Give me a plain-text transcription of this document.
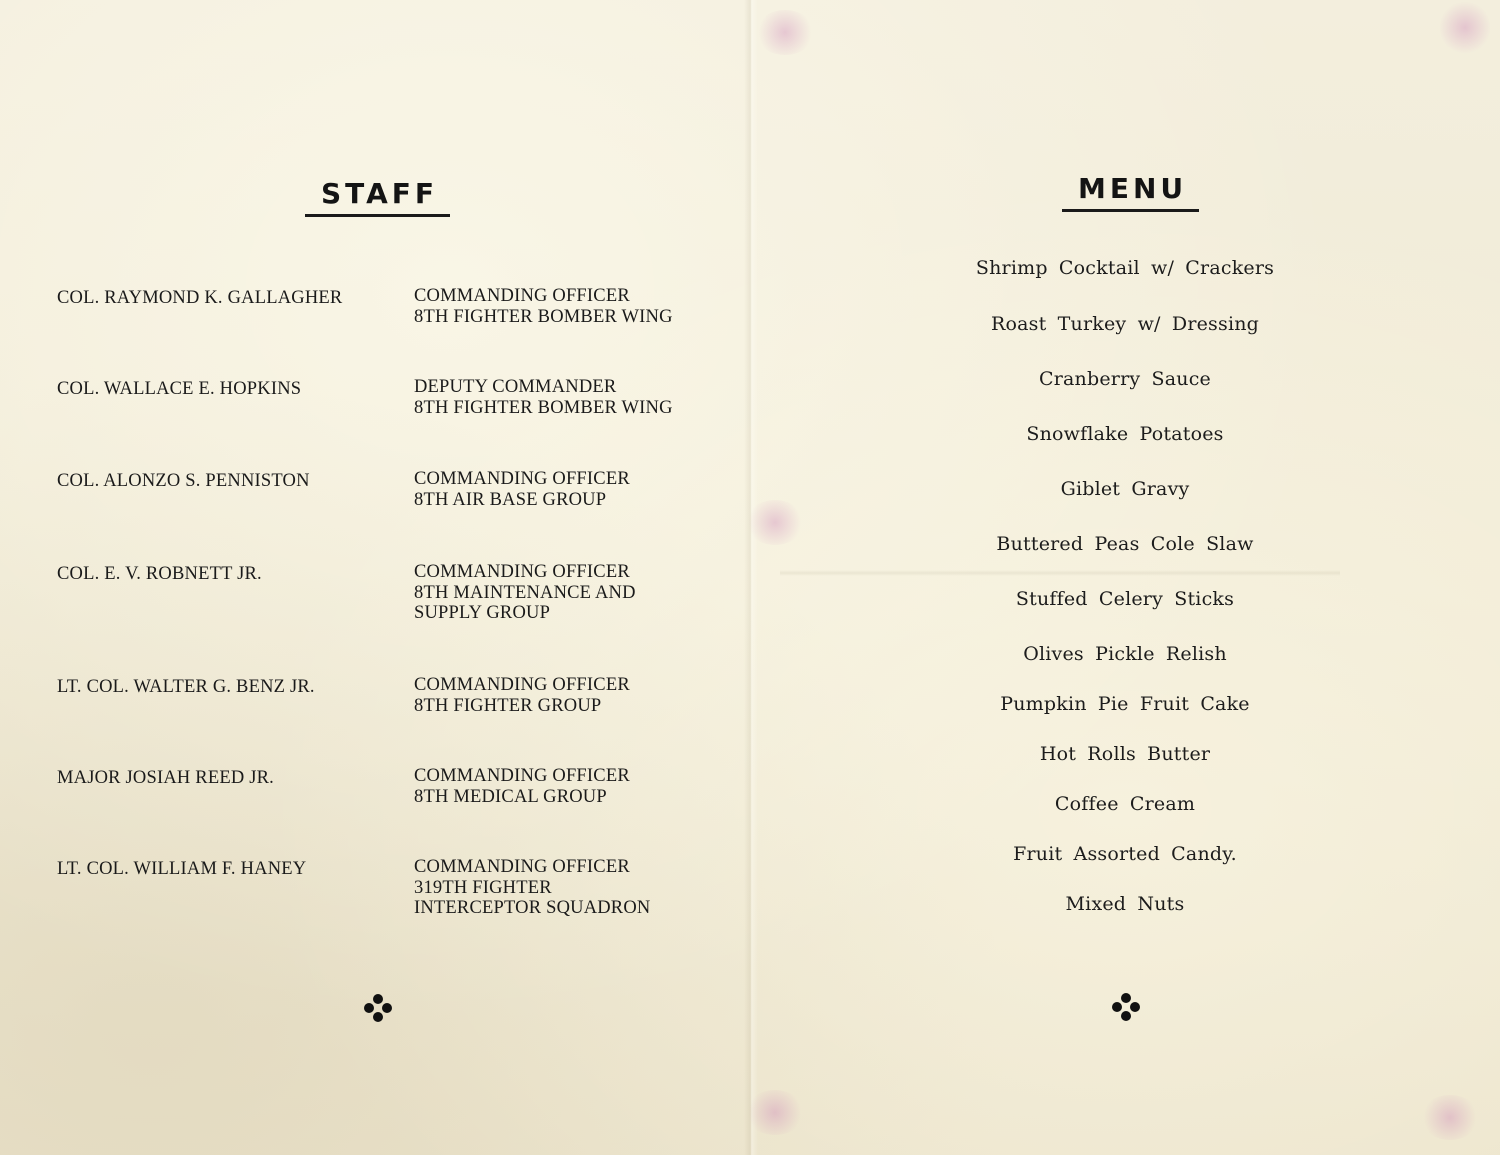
STAFF
COL. RAYMOND K. GALLAGHER	COMMANDING OFFICER
8TH FIGHTER BOMBER WING
COL. WALLACE E. HOPKINS	DEPUTY COMMANDER
8TH FIGHTER BOMBER WING
COL. ALONZO S. PENNISTON	COMMANDING OFFICER
8TH AIR BASE GROUP
COL. E. V. ROBNETT JR.	COMMANDING OFFICER
8TH MAINTENANCE AND
SUPPLY GROUP
LT. COL. WALTER G. BENZ JR.	COMMANDING OFFICER
8TH FIGHTER GROUP
MAJOR JOSIAH REED JR.	COMMANDING OFFICER
8TH MEDICAL GROUP
LT. COL. WILLIAM F. HANEY	COMMANDING OFFICER
319TH FIGHTER
INTERCEPTOR SQUADRON
MENU
Shrimp Cocktail w/ Crackers
Roast Turkey w/ Dressing
Cranberry Sauce
Snowflake Potatoes
Giblet Gravy
Buttered Peas Cole Slaw
Stuffed Celery Sticks
Olives Pickle Relish
Pumpkin Pie Fruit Cake
Hot Rolls Butter
Coffee Cream
Fruit Assorted Candy.
Mixed Nuts
